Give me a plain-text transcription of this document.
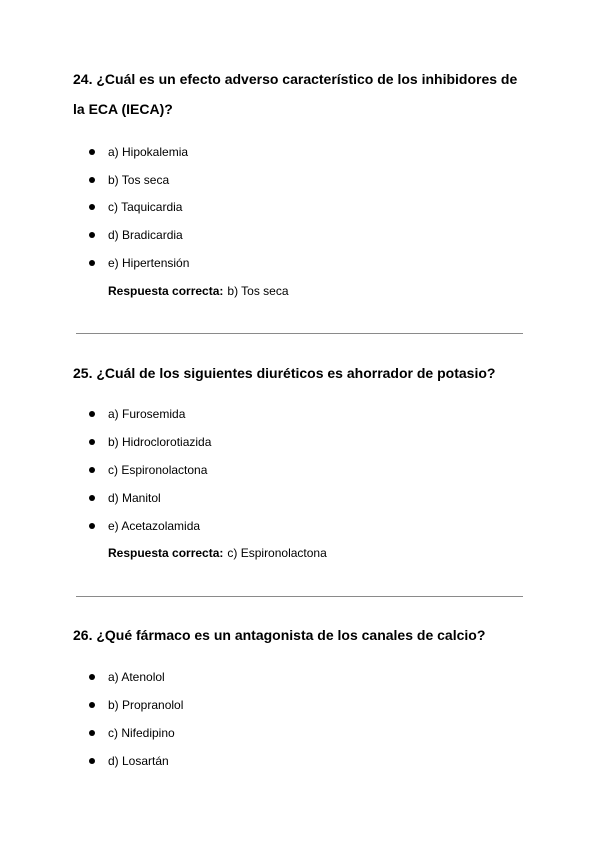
24. ¿Cuál es un efecto adverso característico de los inhibidores de la ECA (IECA)?

a) Hipokalemia
b) Tos seca
c) Taquicardia
d) Bradicardia
e) Hipertensión
Respuesta correcta: b) Tos seca

25. ¿Cuál de los siguientes diuréticos es ahorrador de potasio?

a) Furosemida
b) Hidroclorotiazida
c) Espironolactona
d) Manitol
e) Acetazolamida
Respuesta correcta: c) Espironolactona

26. ¿Qué fármaco es un antagonista de los canales de calcio?

a) Atenolol
b) Propranolol
c) Nifedipino
d) Losartán
